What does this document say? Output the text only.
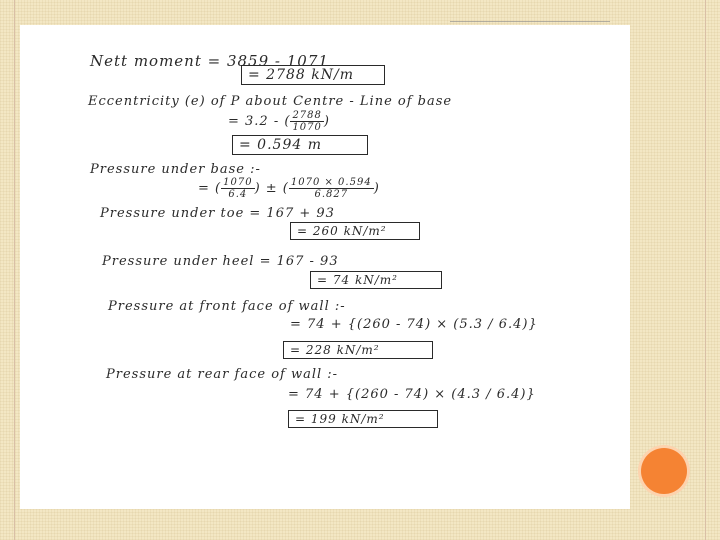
Nett moment = 3859 - 1071
= 2788 kN/m
Eccentricity (e) of P about Centre - Line of base
= 3.2 - ( $\frac{2788}{1070}$ )
= 0.594 m
Pressure under base :-
= ( $\frac{1070}{6.4}$ ) ± ( $\frac{1070 \times 0.594}{6.827}$ )
Pressure under toe = 167 + 93
= 260 kN/m²
Pressure under heel = 167 - 93
= 74 kN/m²
Pressure at front face of wall :-
= 74 + {(260 - 74) × (5.3 / 6.4)}
= 228 kN/m²
Pressure at rear face of wall :-
= 74 + {(260 - 74) × (4.3 / 6.4)}
= 199 kN/m²
